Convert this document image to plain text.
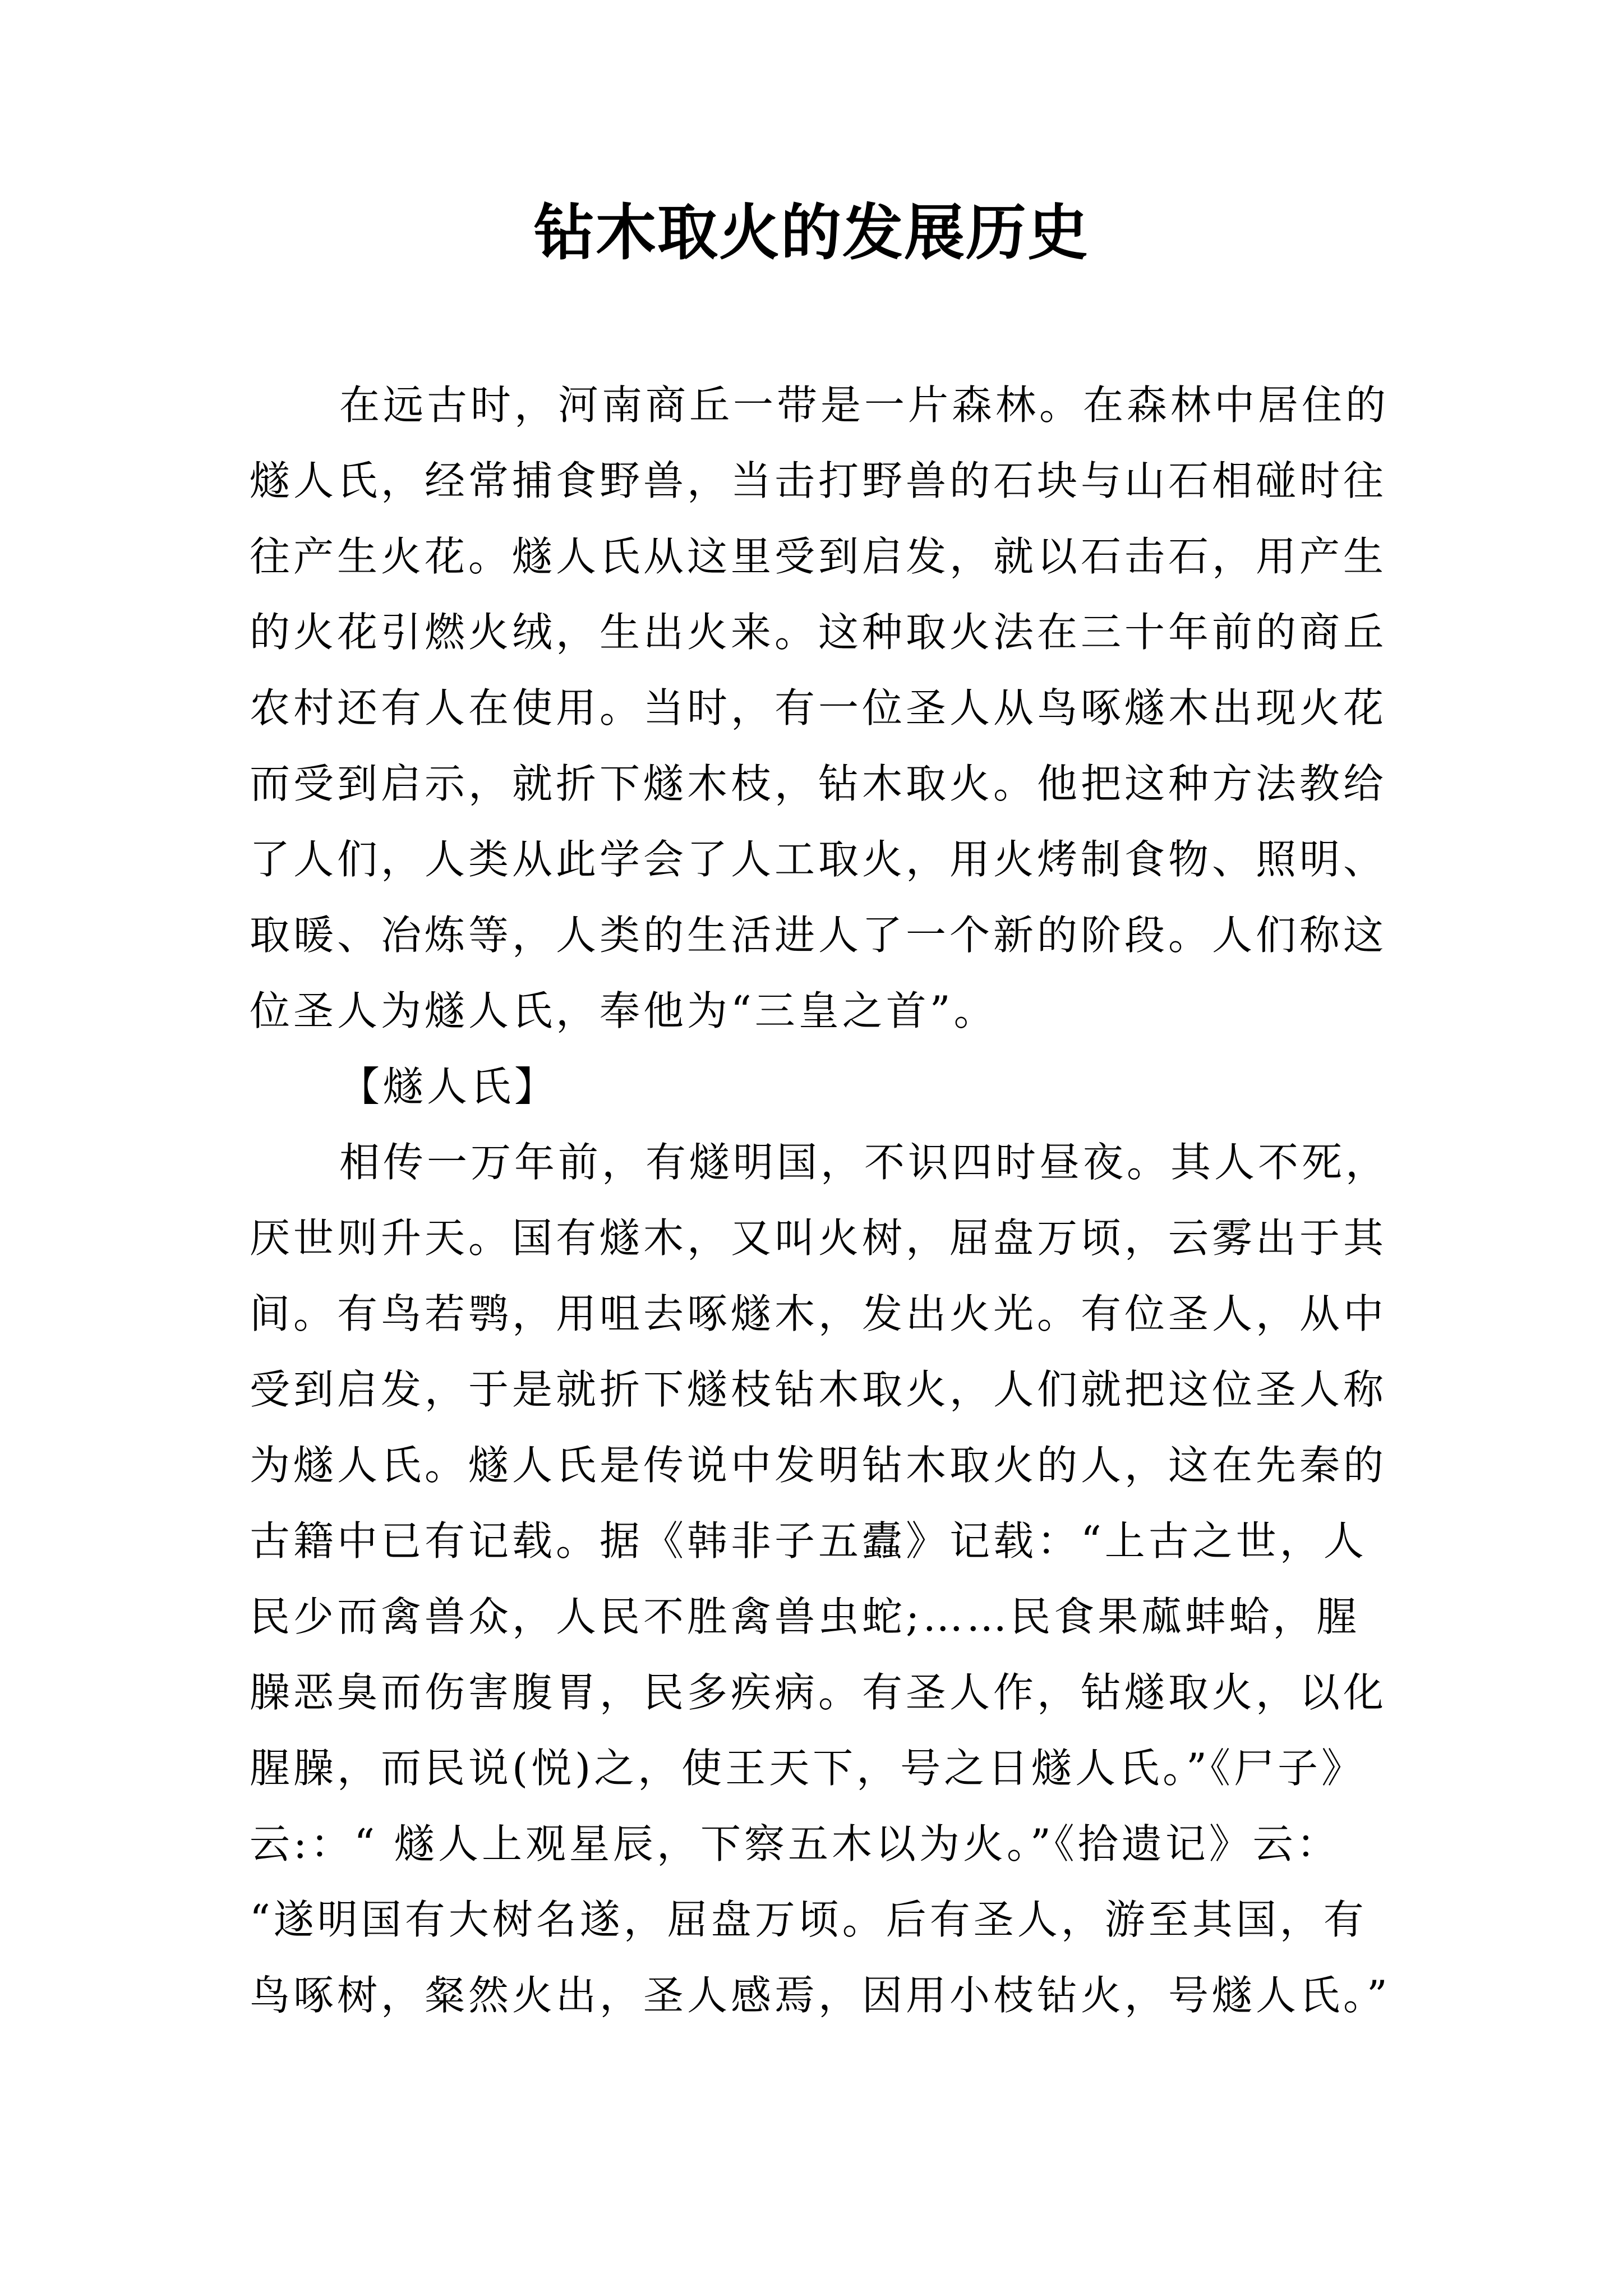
钻木取火的发展历史
在远古时，河南商丘一带是一片森林。在森林中居住的
燧人氏，经常捕食野兽，当击打野兽的石块与山石相碰时往
往产生火花。燧人氏从这里受到启发，就以石击石，用产生
的火花引燃火绒，生出火来。这种取火法在三十年前的商丘
农村还有人在使用。当时，有一位圣人从鸟啄燧木出现火花
而受到启示，就折下燧木枝，钻木取火。他把这种方法教给
了人们，人类从此学会了人工取火，用火烤制食物、照明、
取暖、冶炼等，人类的生活进人了一个新的阶段。人们称这
位圣人为燧人氏，奉他为“三皇之首”。
【燧人氏】
相传一万年前，有燧明国，不识四时昼夜。其人不死，
厌世则升天。国有燧木，又叫火树，屈盘万顷，云雾出于其
间。有鸟若鹗，用咀去啄燧木，发出火光。有位圣人，从中
受到启发，于是就折下燧枝钻木取火，人们就把这位圣人称
为燧人氏。燧人氏是传说中发明钻木取火的人，这在先秦的
古籍中已有记载。据《韩非子五蠹》记载：“上古之世，人
民少而禽兽众，人民不胜禽兽虫蛇;……民食果蓏蚌蛤，腥
臊恶臭而伤害腹胃，民多疾病。有圣人作，钻燧取火，以化
腥臊，而民说(悦)之，使王天下，号之日燧人氏。”《尸子》
云:：“ 燧人上观星辰，下察五木以为火。”《拾遗记》云：
“遂明国有大树名遂，屈盘万顷。后有圣人，游至其国，有
鸟啄树，粲然火出，圣人感焉，因用小枝钻火，号燧人氏。”
